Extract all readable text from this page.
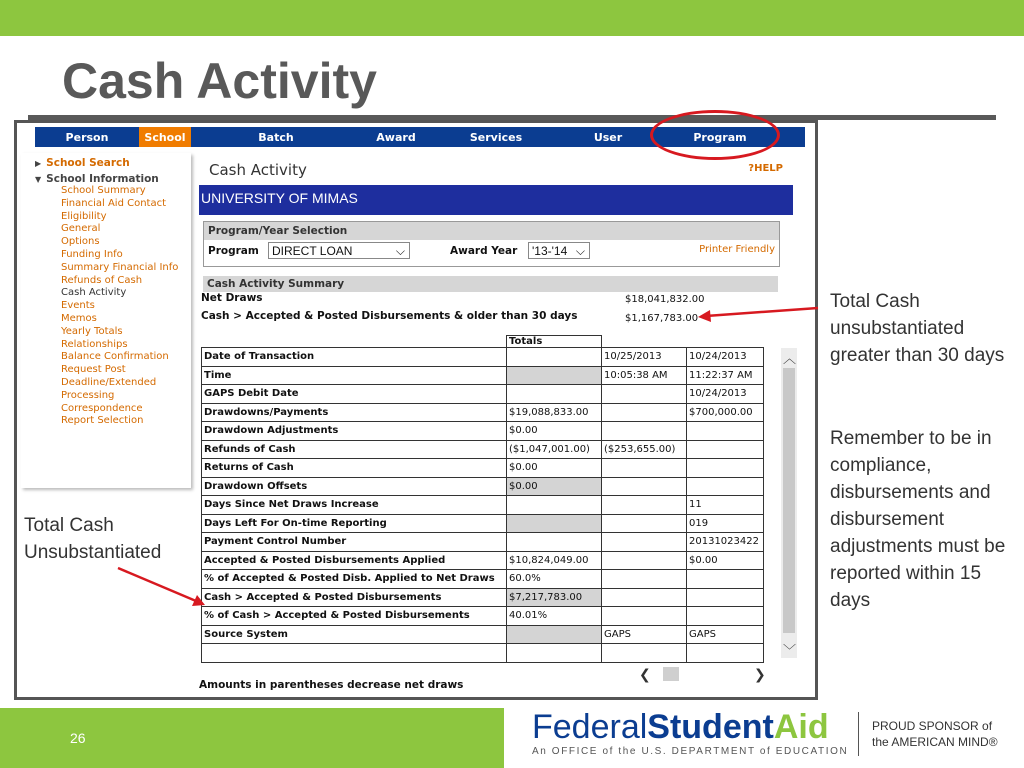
Cash Activity
Person	School	Batch	Award	Services	User	Program
▶ School Search
▼ School Information
School Summary
Financial Aid Contact
Eligibility
General
Options
Funding Info
Summary Financial Info
Refunds of Cash
Cash Activity
Events
Memos
Yearly Totals
Relationships
Balance Confirmation
Request Post
Deadline/Extended Processing
Correspondence
Report Selection
Cash Activity	?HELP
UNIVERSITY OF MIMAS
Program/Year Selection
Program	DIRECT LOAN	⌵	Award Year	'13-'14 ⌵	Printer Friendly
Cash Activity Summary
Net Draws	$18,041,832.00
Cash > Accepted & Posted Disbursements & older than 30 days	$1,167,783.00
	Totals		
Date of Transaction		10/25/2013	10/24/2013
Time		10:05:38 AM	11:22:37 AM
GAPS Debit Date			10/24/2013
Drawdowns/Payments	$19,088,833.00		$700,000.00
Drawdown Adjustments	$0.00		
Refunds of Cash	($1,047,001.00)	($253,655.00)	
Returns of Cash	$0.00		
Drawdown Offsets	$0.00		
Days Since Net Draws Increase			11
Days Left For On-time Reporting			019
Payment Control Number			20131023422
Accepted & Posted Disbursements Applied	$10,824,049.00		$0.00
% of Accepted & Posted Disb. Applied to Net Draws	60.0%		
Cash > Accepted & Posted Disbursements	$7,217,783.00		
% of Cash > Accepted & Posted Disbursements	40.01%		
Source System		GAPS	GAPS

︿
﹀
❮	❯
Amounts in parentheses decrease net draws
Total Cash unsubstantiated greater than 30 days
Remember to be in compliance, disbursements and disbursement adjustments must be reported within 15 days
Total Cash Unsubstantiated
26	FederalStudentAid
An OFFICE of the U.S. DEPARTMENT of EDUCATION
PROUD SPONSOR of
the AMERICAN MIND®
